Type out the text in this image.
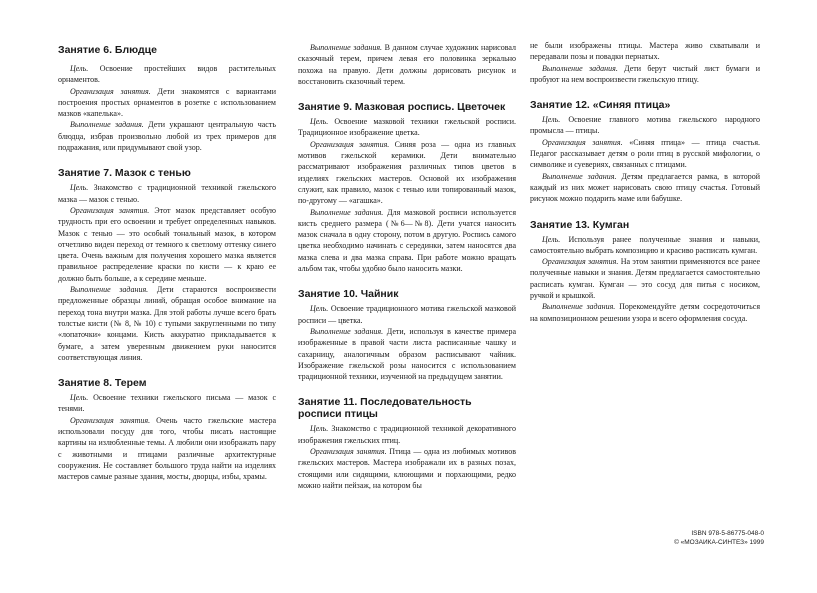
Занятие 6. Блюдце

Цель. Освоение простейших видов растительных орнаментов.

Организация занятия. Дети знакомятся с вариантами построения простых орнаментов в розетке с использованием мазков «капелька».

Выполнение задания. Дети украшают центральную часть блюдца, избрав произвольно любой из трех примеров для подражания, или придумывают свой узор.

Занятие 7. Мазок с тенью

Цель. Знакомство с традиционной техникой гжельского мазка — мазок с тенью.

Организация занятия. Этот мазок представляет особую трудность при его освоении и требует определенных навыков. Мазок с тенью — это особый тональный мазок, в котором отчетливо виден переход от темного к светлому оттенку синего цвета. Очень важным для получения хорошего мазка является правильное распределение краски по кисти — к краю ее должно быть больше, а к середине меньше.

Выполнение задания. Дети стараются воспроизвести предложенные образцы линий, обращая особое внимание на переход тона внутри мазка. Для этой работы лучше всего брать толстые кисти (№ 8, № 10) с тупыми закругленными по типу «лопаточки» концами. Кисть аккуратно прикладывается к бумаге, а затем уверенным движением руки наносится соответствующая линия.

Занятие 8. Терем

Цель. Освоение техники гжельского письма — мазок с тенями.

Организация занятия. Очень часто гжельские мастера использовали посуду для того, чтобы писать настоящие картины на излюбленные темы. А любили они изображать пару с животными и птицами различные архитектурные сооружения. Не составляет большого труда найти на изделиях мастеров самые разные здания, мосты, дворцы, избы, храмы.

Выполнение задания. В данном случае художник нарисовал сказочный терем, причем левая его половинка зеркально похожа на правую. Дети должны дорисовать рисунок и восстановить сказочный терем.

Занятие 9. Мазковая роспись. Цветочек

Цель. Освоение мазковой техники гжельской росписи. Традиционное изображение цветка.

Организация занятия. Синяя роза — одна из главных мотивов гжельской керамики. Дети внимательно рассматривают изображения различных типов цветов в изделиях гжельских мастеров. Основой их изображения служит, как правило, мазок с тенью или топированный мазок, по-другому — «агашка».

Выполнение задания. Для мазковой росписи используется кисть среднего размера (№6—№8). Дети учатся наносить мазок сначала в одну сторону, потом в другую. Роспись самого цветка необходимо начинать с серединки, затем наносятся два мазка слева и два мазка справа. При работе можно вращать альбом так, чтобы удобно было наносить мазки.

Занятие 10. Чайник

Цель. Освоение традиционного мотива гжельской мазковой росписи — цветка.

Выполнение задания. Дети, используя в качестве примера изображенные в правой части листа расписанные чашку и сахарницу, аналогичным образом расписывают чайник. Изображение гжельской розы наносится с использованием традиционной техники, изученной на предыдущем занятии.

Занятие 11. Последовательность росписи птицы

Цель. Знакомство с традиционной техникой декоративного изображения гжельских птиц.

Организация занятия. Птица — одна из любимых мотивов гжельских мастеров. Мастера изображали их в разных позах, стоящими или сидящими, клюющими и порхающими, редко можно найти пейзаж, на котором бы

не были изображены птицы. Мастера живо схватывали и передавали позы и повадки пернатых.

Выполнение задания. Дети берут чистый лист бумаги и пробуют на нем воспроизвести гжельскую птицу.

Занятие 12. «Синяя птица»

Цель. Освоение главного мотива гжельского народного промысла — птицы.

Организация занятия. «Синяя птица» — птица счастья. Педагог рассказывает детям о роли птиц в русской мифологии, о символике и суевериях, связанных с птицами.

Выполнение задания. Детям предлагается рамка, в которой каждый из них может нарисовать свою птицу счастья. Готовый рисунок можно подарить маме или бабушке.

Занятие 13. Кумган

Цель. Используя ранее полученные знания и навыки, самостоятельно выбрать композицию и красиво расписать кумган.

Организация занятия. На этом занятии применяются все ранее полученные навыки и знания. Детям предлагается самостоятельно расписать кумган. Кумган — это сосуд для питья с носиком, ручкой и крышкой.

Выполнение задания. Порекомендуйте детям сосредоточиться на композиционном решении узора и всего оформления сосуда.

ISBN 978-5-86775-048-0
© «МОЗАИКА-СИНТЕЗ» 1999
